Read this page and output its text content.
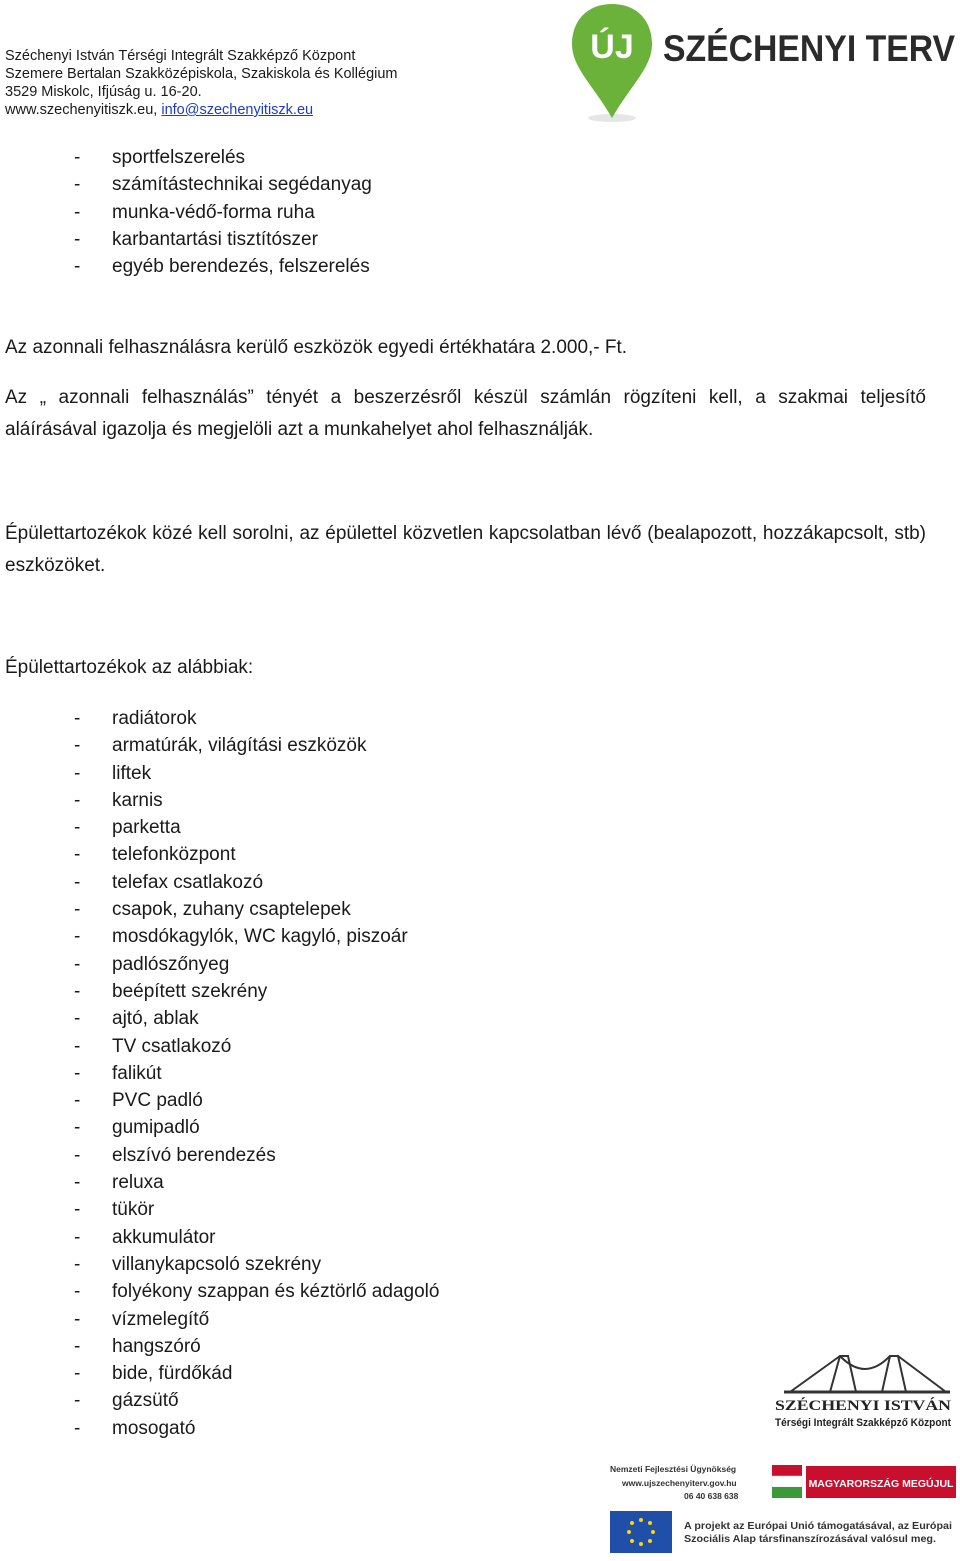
Széchenyi István Térségi Integrált Szakképző Központ
Szemere Bertalan Szakközépiskola, Szakiskola és Kollégium
3529 Miskolc, Ifjúság u. 16-20.
www.szechenyitiszk.eu, info@szechenyitiszk.eu
ÚJ SZÉCHENYI TERV
- sportfelszerelés
- számítástechnikai segédanyag
- munka-védő-forma ruha
- karbantartási tisztítószer
- egyéb berendezés, felszerelés

Az azonnali felhasználásra kerülő eszközök egyedi értékhatára 2.000,- Ft.

Az „ azonnali felhasználás” tényét a beszerzésről készül számlán rögzíteni kell, a szakmai teljesítő aláírásával igazolja és megjelöli azt a munkahelyet ahol felhasználják.

Épülettartozékok közé kell sorolni, az épülettel közvetlen kapcsolatban lévő (bealapozott, hozzákapcsolt, stb) eszközöket.

Épülettartozékok az alábbiak:

- radiátorok
- armatúrák, világítási eszközök
- liftek
- karnis
- parketta
- telefonközpont
- telefax csatlakozó
- csapok, zuhany csaptelepek
- mosdókagylók, WC kagyló, piszoár
- padlószőnyeg
- beépített szekrény
- ajtó, ablak
- TV csatlakozó
- falikút
- PVC padló
- gumipadló
- elszívó berendezés
- reluxa
- tükör
- akkumulátor
- villanykapcsoló szekrény
- folyékony szappan és kéztörlő adagoló
- vízmelegítő
- hangszóró
- bide, fürdőkád
- gázsütő
- mosogató
SZÉCHENYI ISTVÁN
Térségi Integrált Szakképző Központ
Nemzeti Fejlesztési Ügynökség
www.ujszechenyiterv.gov.hu
06 40 638 638
MAGYARORSZÁG MEGÚJUL
A projekt az Európai Unió támogatásával, az Európai
Szociális Alap társfinanszírozásával valósul meg.
